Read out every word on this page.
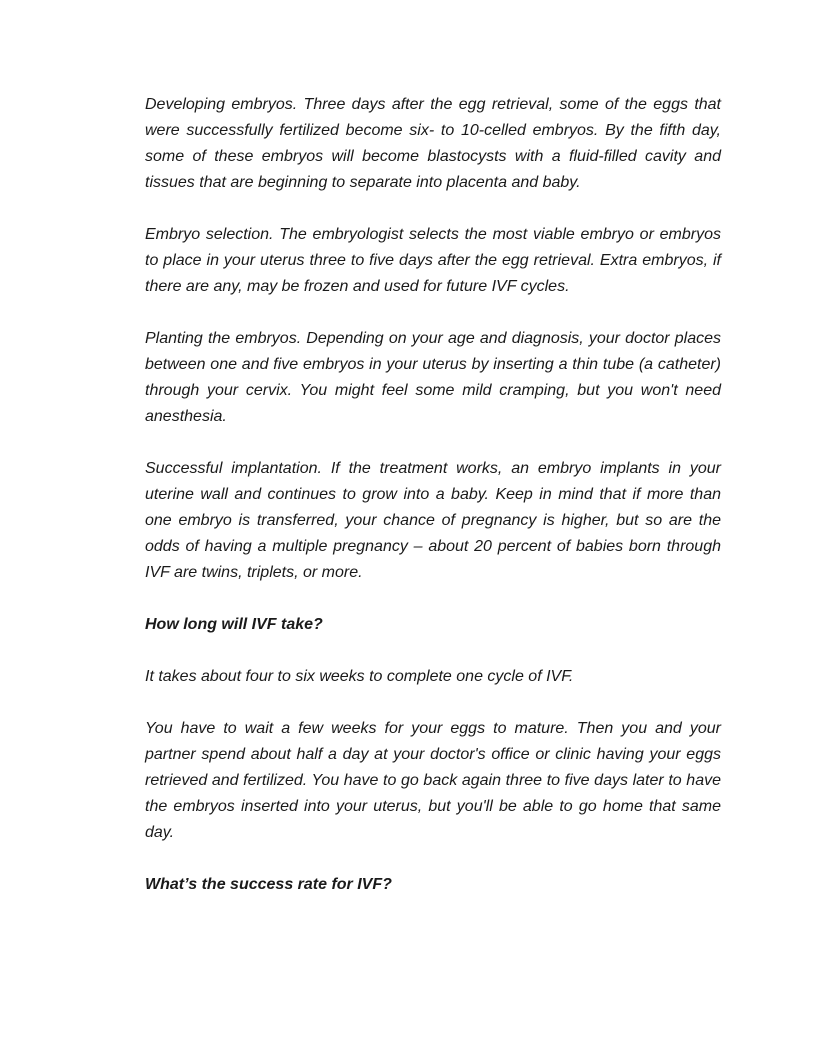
Developing embryos. Three days after the egg retrieval, some of the eggs that were successfully fertilized become six- to 10-celled embryos. By the fifth day, some of these embryos will become blastocysts with a fluid-filled cavity and tissues that are beginning to separate into placenta and baby.

Embryo selection. The embryologist selects the most viable embryo or embryos to place in your uterus three to five days after the egg retrieval. Extra embryos, if there are any, may be frozen and used for future IVF cycles.

Planting the embryos. Depending on your age and diagnosis, your doctor places between one and five embryos in your uterus by inserting a thin tube (a catheter) through your cervix. You might feel some mild cramping, but you won't need anesthesia.

Successful implantation. If the treatment works, an embryo implants in your uterine wall and continues to grow into a baby. Keep in mind that if more than one embryo is transferred, your chance of pregnancy is higher, but so are the odds of having a multiple pregnancy – about 20 percent of babies born through IVF are twins, triplets, or more.

How long will IVF take?

It takes about four to six weeks to complete one cycle of IVF.

You have to wait a few weeks for your eggs to mature. Then you and your partner spend about half a day at your doctor's office or clinic having your eggs retrieved and fertilized. You have to go back again three to five days later to have the embryos inserted into your uterus, but you'll be able to go home that same day.

What’s the success rate for IVF?
